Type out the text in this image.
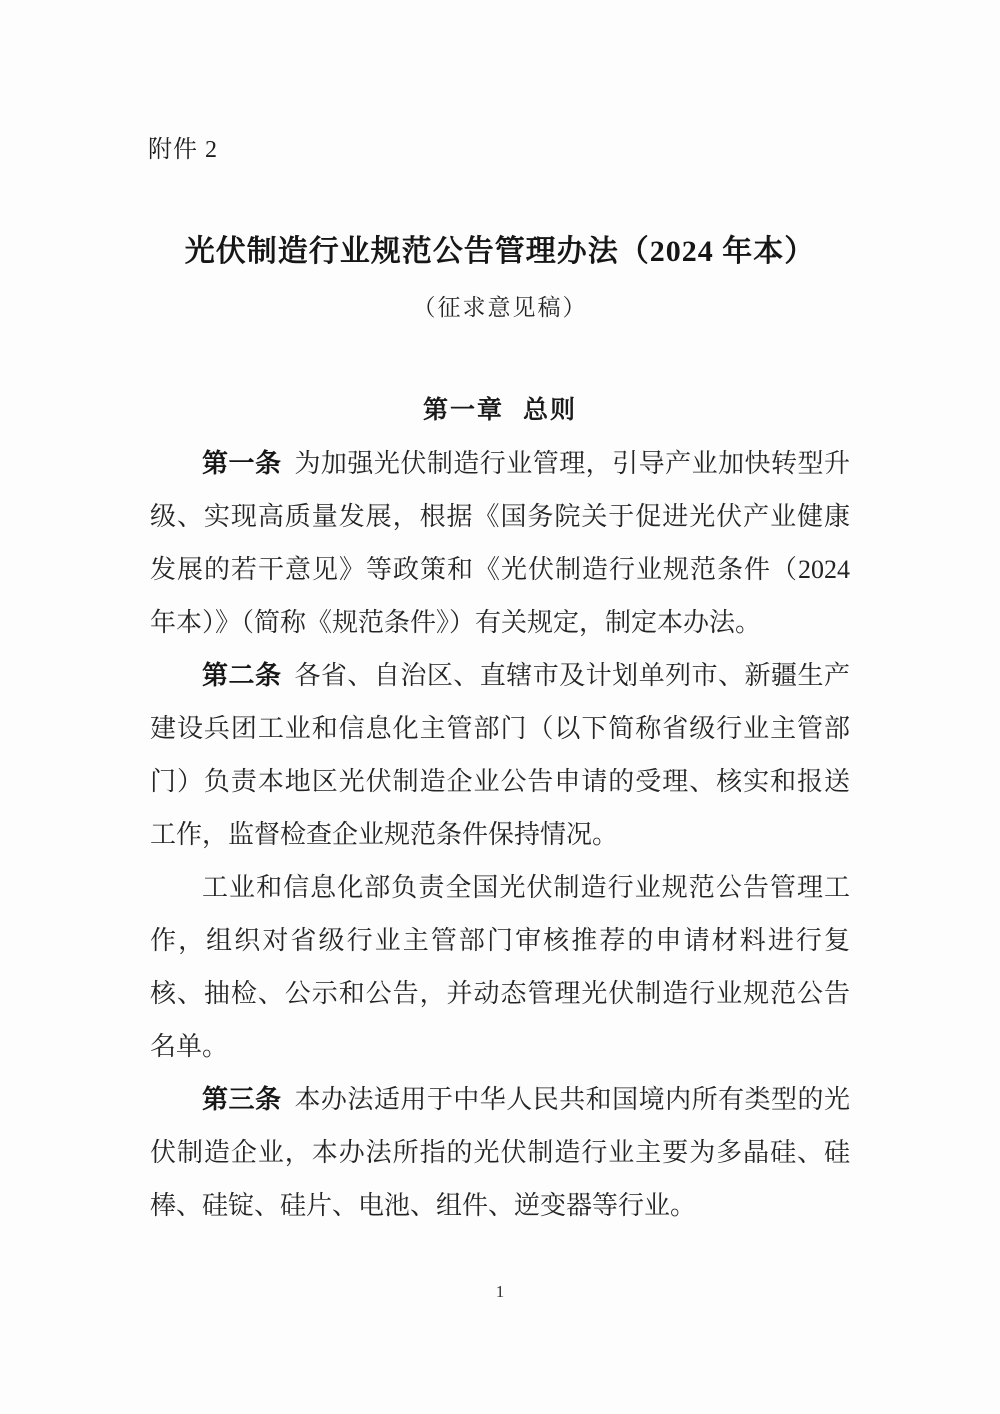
附件 2
光伏制造行业规范公告管理办法（2024 年本）
（征求意见稿）
第一章 总则

第一条 为加强光伏制造行业管理，引导产业加快转型升级、实现高质量发展，根据《国务院关于促进光伏产业健康发展的若干意见》等政策和《光伏制造行业规范条件（2024年本）》（简称《规范条件》）有关规定，制定本办法。

第二条 各省、自治区、直辖市及计划单列市、新疆生产建设兵团工业和信息化主管部门（以下简称省级行业主管部门）负责本地区光伏制造企业公告申请的受理、核实和报送工作，监督检查企业规范条件保持情况。

工业和信息化部负责全国光伏制造行业规范公告管理工作，组织对省级行业主管部门审核推荐的申请材料进行复核、抽检、公示和公告，并动态管理光伏制造行业规范公告名单。

第三条 本办法适用于中华人民共和国境内所有类型的光伏制造企业，本办法所指的光伏制造行业主要为多晶硅、硅棒、硅锭、硅片、电池、组件、逆变器等行业。

1
